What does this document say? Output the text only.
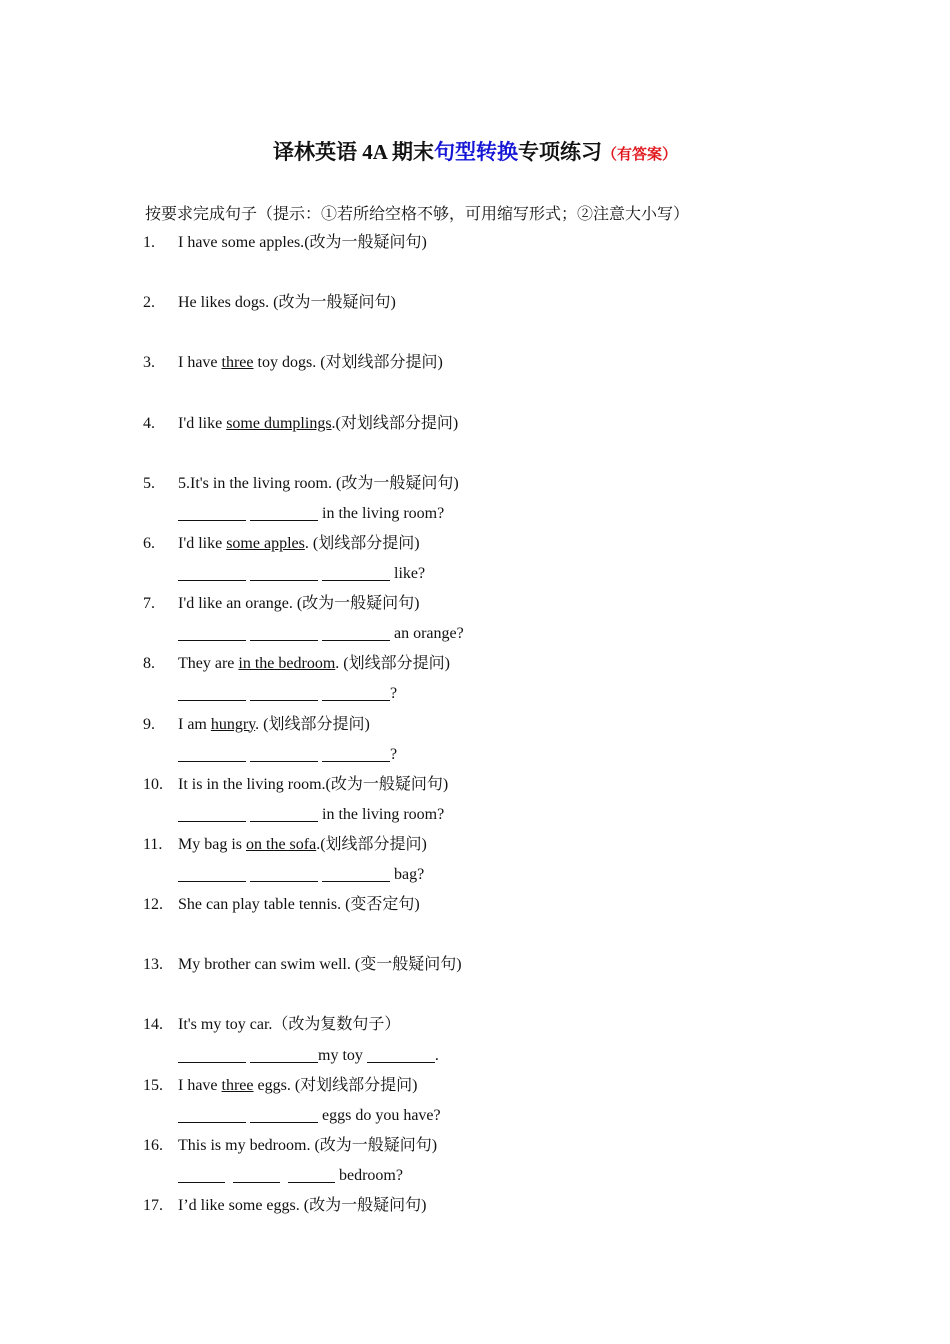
译林英语 4A 期末句型转换专项练习（有答案）
按要求完成句子（提示：①若所给空格不够，可用缩写形式；②注意大小写）
1.	I have some apples.(改为一般疑问句)
2.	He likes dogs. (改为一般疑问句)
3.	I have three toy dogs. (对划线部分提问)
4.	I'd like some dumplings.(对划线部分提问)
5.	5.It's in the living room. (改为一般疑问句)
in the living room?
6.	I'd like some apples. (划线部分提问)
like?
7.	I'd like an orange. (改为一般疑问句)
an orange?
8.	They are in the bedroom. (划线部分提问)
?
9.	I am hungry. (划线部分提问)
?
10. It is in the living room.(改为一般疑问句)
in the living room?
11. My bag is on the sofa.(划线部分提问)
bag?
12. She can play table tennis. (变否定句)
13. My brother can swim well. (变一般疑问句)
14. It's my toy car.（改为复数句子）
my toy	.
15. I have three eggs. (对划线部分提问)
eggs do you have?
16. This is my bedroom. (改为一般疑问句)
bedroom?
17. I’d like some eggs. (改为一般疑问句)
